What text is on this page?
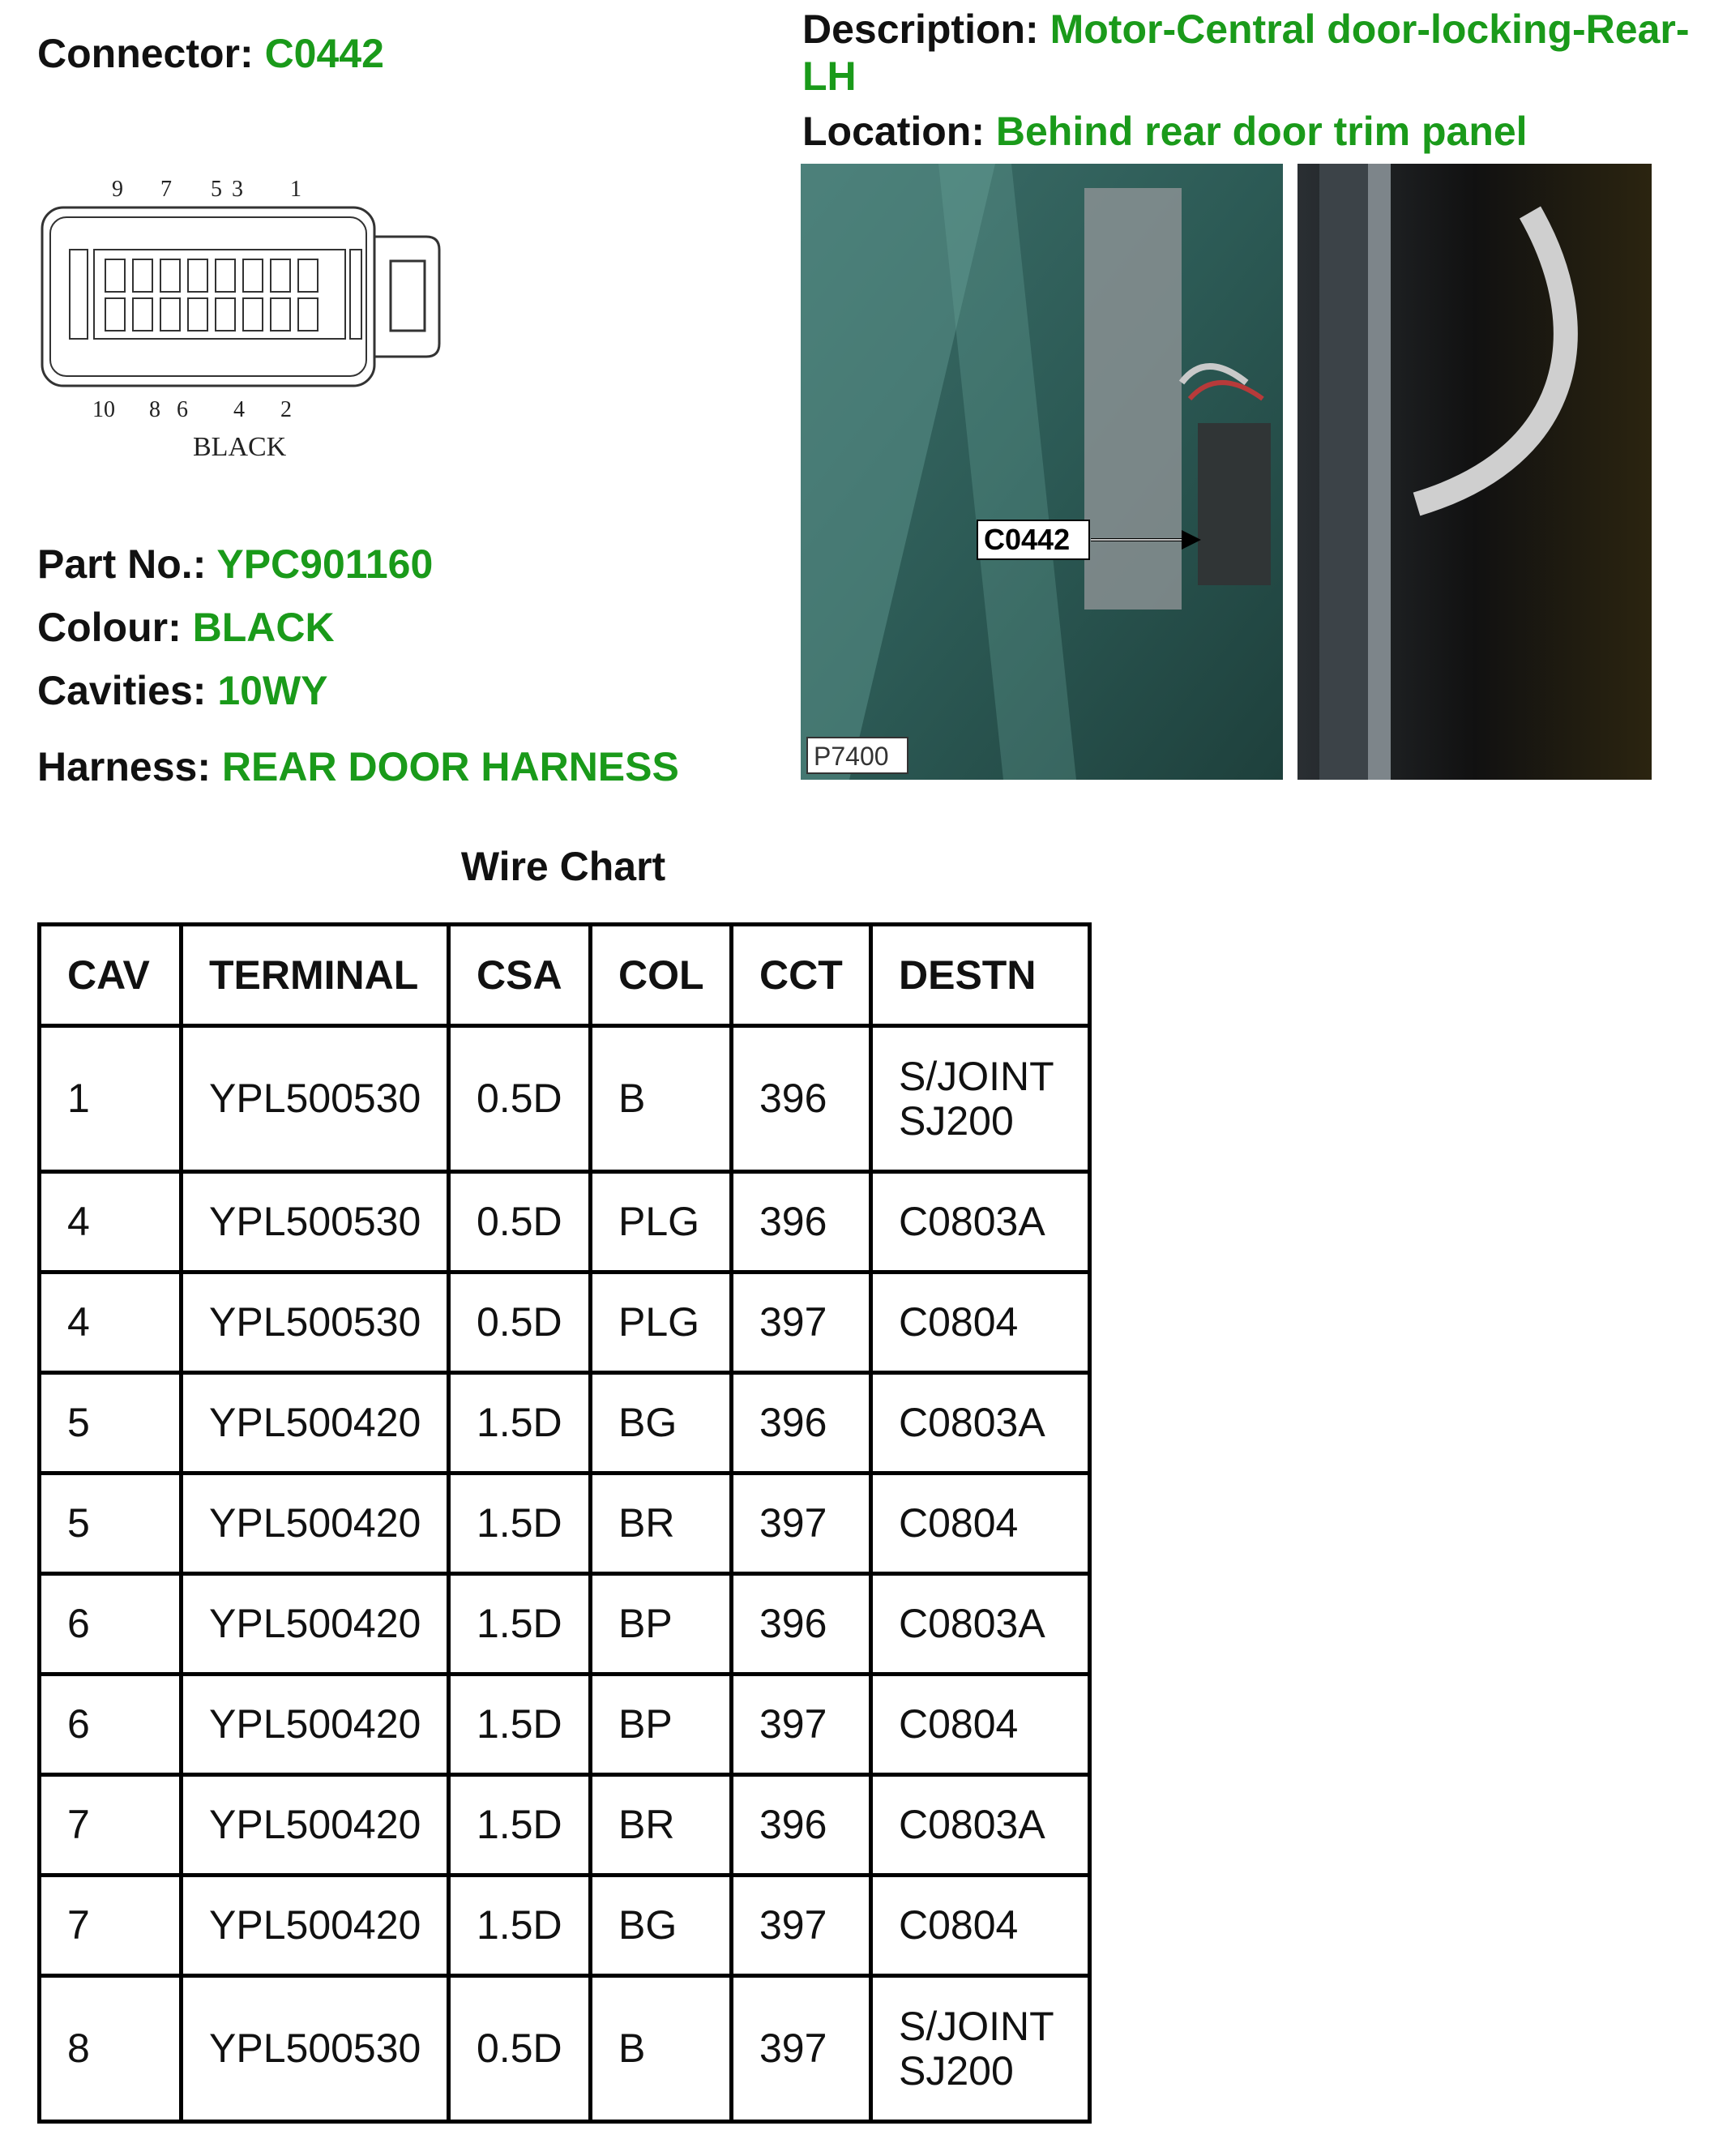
Connector: C0442
Description: Motor-Central door-locking-Rear-LH
Location: Behind rear door trim panel
9 7 5 3 1
10 8 6 4 2
BLACK
C0442
P7400
Part No.: YPC901160
Colour: BLACK
Cavities: 10WY
Harness: REAR DOOR HARNESS
Wire Chart
CAV	TERMINAL	CSA	COL	CCT	DESTN
1	YPL500530	0.5D	B	396	S/JOINT
SJ200
4	YPL500530	0.5D	PLG	396	C0803A
4	YPL500530	0.5D	PLG	397	C0804
5	YPL500420	1.5D	BG	396	C0803A
5	YPL500420	1.5D	BR	397	C0804
6	YPL500420	1.5D	BP	396	C0803A
6	YPL500420	1.5D	BP	397	C0804
7	YPL500420	1.5D	BR	396	C0803A
7	YPL500420	1.5D	BG	397	C0804
8	YPL500530	0.5D	B	397	S/JOINT
SJ200
